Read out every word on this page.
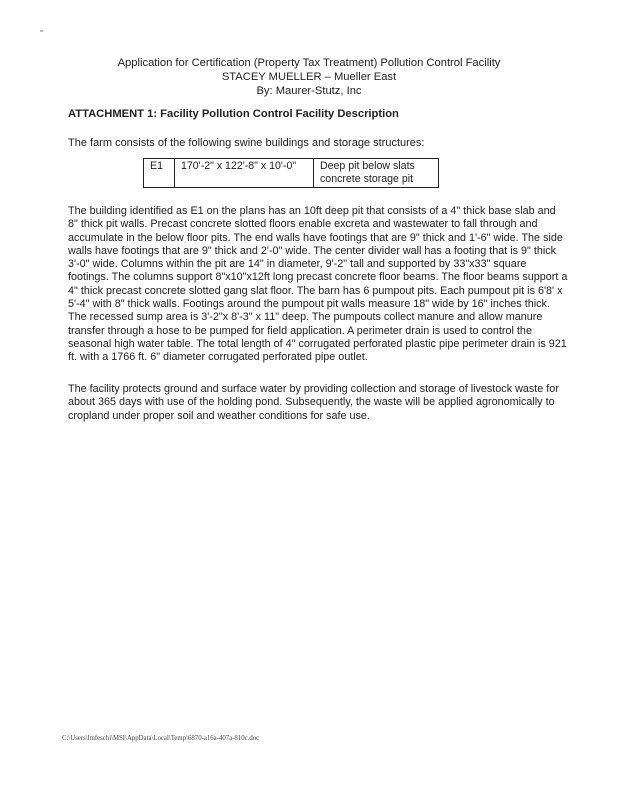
Application for Certification (Property Tax Treatment) Pollution Control Facility
STACEY MUELLER – Mueller East
By: Maurer-Stutz, Inc
ATTACHMENT 1: Facility Pollution Control Facility Description
The farm consists of the following swine buildings and storage structures:
E1	170'-2" x 122'-8" x 10'-0"	Deep pit below slats concrete storage pit

The building identified as E1 on the plans has an 10ft deep pit that consists of a 4" thick base slab and 8" thick pit walls. Precast concrete slotted floors enable excreta and wastewater to fall through and accumulate in the below floor pits. The end walls have footings that are 9" thick and 1'-6" wide. The side walls have footings that are 9" thick and 2'-0" wide. The center divider wall has a footing that is 9" thick 3'-0" wide. Columns within the pit are 14" in diameter, 9'-2" tall and supported by 33"x33" square footings. The columns support 8"x10"x12ft long precast concrete floor beams. The floor beams support a 4" thick precast concrete slotted gang slat floor. The barn has 6 pumpout pits. Each pumpout pit is 6'8' x 5'-4" with 8" thick walls. Footings around the pumpout pit walls measure 18" wide by 16" inches thick. The recessed sump area is 3'-2"x 8'-3" x 11" deep. The pumpouts collect manure and allow manure transfer through a hose to be pumped for field application. A perimeter drain is used to control the seasonal high water table. The total length of 4" corrugated perforated plastic pipe perimeter drain is 921 ft. with a 1766 ft. 6" diameter corrugated perforated pipe outlet.

The facility protects ground and surface water by providing collection and storage of livestock waste for about 365 days with use of the holding pond. Subsequently, the waste will be applied agronomically to cropland under proper soil and weather conditions for safe use.

C:\Users\lmfeschi\MSI\AppData\Local\Temp\6870-a16a-407a-810c.doc
